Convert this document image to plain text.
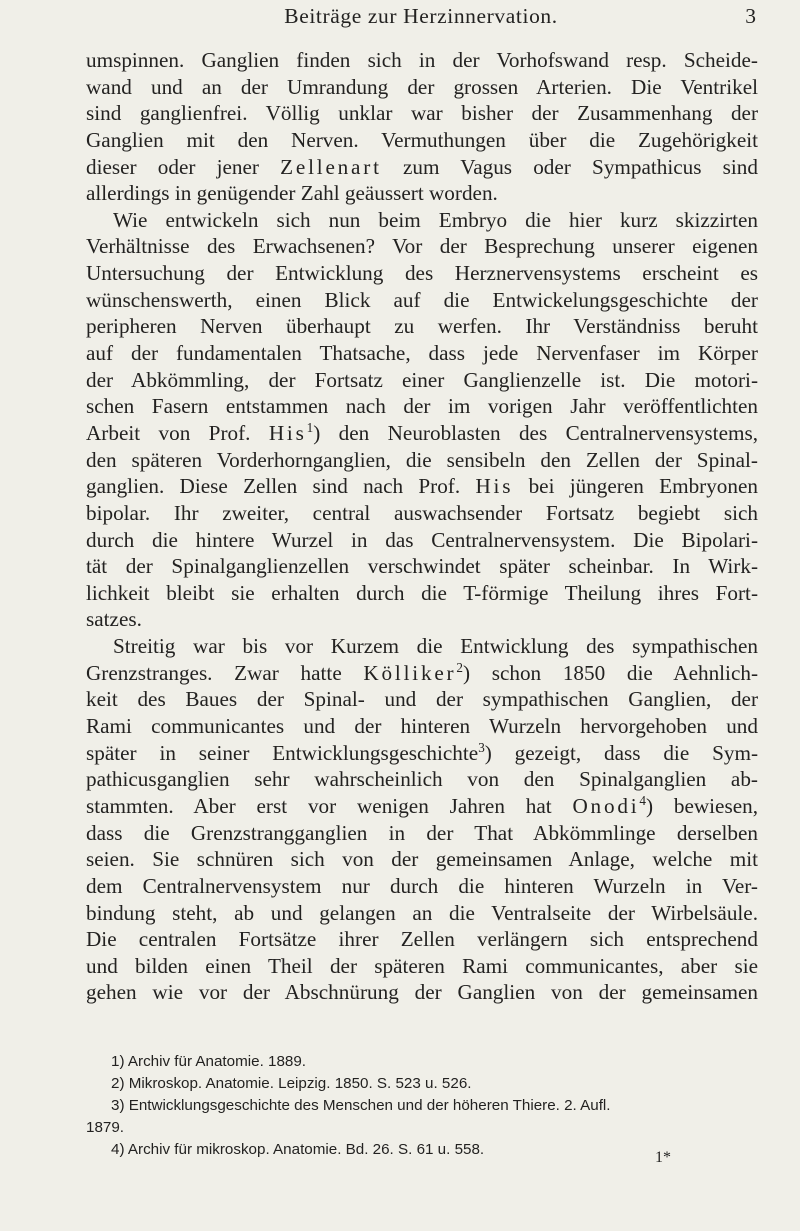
Beiträge zur Herzinnervation.	3
umspinnen. Ganglien finden sich in der Vorhofswand resp. Scheide-
wand und an der Umrandung der grossen Arterien. Die Ventrikel
sind ganglienfrei. Völlig unklar war bisher der Zusammenhang der
Ganglien mit den Nerven. Vermuthungen über die Zugehörigkeit
dieser oder jener Zellenart zum Vagus oder Sympathicus sind
allerdings in genügender Zahl geäussert worden.
Wie entwickeln sich nun beim Embryo die hier kurz skizzirten
Verhältnisse des Erwachsenen? Vor der Besprechung unserer eigenen
Untersuchung der Entwicklung des Herznervensystems erscheint es
wünschenswerth, einen Blick auf die Entwickelungsgeschichte der
peripheren Nerven überhaupt zu werfen. Ihr Verständniss beruht
auf der fundamentalen Thatsache, dass jede Nervenfaser im Körper
der Abkömmling, der Fortsatz einer Ganglienzelle ist. Die motori-
schen Fasern entstammen nach der im vorigen Jahr veröffentlichten
Arbeit von Prof. His$^1$) den Neuroblasten des Centralnervensystems,
den späteren Vorderhornganglien, die sensibeln den Zellen der Spinal-
ganglien. Diese Zellen sind nach Prof. His bei jüngeren Embryonen
bipolar. Ihr zweiter, central auswachsender Fortsatz begiebt sich
durch die hintere Wurzel in das Centralnervensystem. Die Bipolari-
tät der Spinalganglienzellen verschwindet später scheinbar. In Wirk-
lichkeit bleibt sie erhalten durch die T-förmige Theilung ihres Fort-
satzes.
Streitig war bis vor Kurzem die Entwicklung des sympathischen
Grenzstranges. Zwar hatte Kölliker$^2$) schon 1850 die Aehnlich-
keit des Baues der Spinal- und der sympathischen Ganglien, der
Rami communicantes und der hinteren Wurzeln hervorgehoben und
später in seiner Entwicklungsgeschichte$^3$) gezeigt, dass die Sym-
pathicusganglien sehr wahrscheinlich von den Spinalganglien ab-
stammten. Aber erst vor wenigen Jahren hat Onodi$^4$) bewiesen,
dass die Grenzstrangganglien in der That Abkömmlinge derselben
seien. Sie schnüren sich von der gemeinsamen Anlage, welche mit
dem Centralnervensystem nur durch die hinteren Wurzeln in Ver-
bindung steht, ab und gelangen an die Ventralseite der Wirbelsäule.
Die centralen Fortsätze ihrer Zellen verlängern sich entsprechend
und bilden einen Theil der späteren Rami communicantes, aber sie
gehen wie vor der Abschnürung der Ganglien von der gemeinsamen
1) Archiv für Anatomie. 1889.
2) Mikroskop. Anatomie. Leipzig. 1850. S. 523 u. 526.
3) Entwicklungsgeschichte des Menschen und der höheren Thiere. 2. Aufl.
1879.
4) Archiv für mikroskop. Anatomie. Bd. 26. S. 61 u. 558.	1*
